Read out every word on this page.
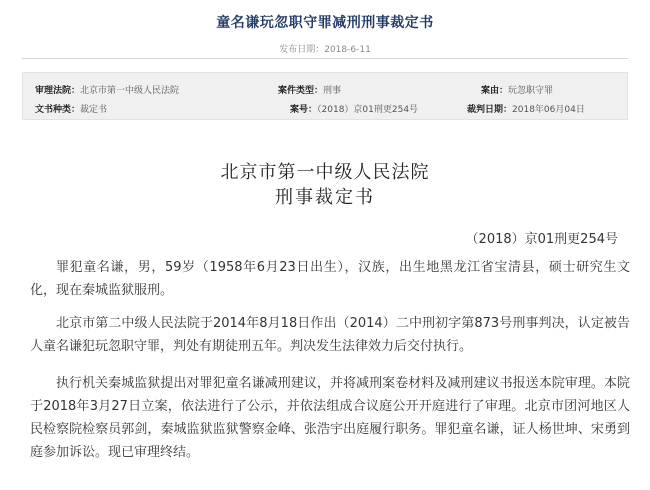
童名谦玩忽职守罪减刑刑事裁定书
发布日期：2018-6-11
审理法院：北京市第一中级人民法院	案件类型：刑事	案由：玩忽职守罪
文书种类：裁定书	案号：（2018）京01刑更254号	裁判日期：2018年06月04日
北京市第一中级人民法院
刑事裁定书
（2018）京01刑更254号
罪犯童名谦，男，59岁（1958年6月23日出生），汉族，出生地黑龙江省宝清县，硕士研究生文化，现在秦城监狱服刑。
北京市第二中级人民法院于2014年8月18日作出（2014）二中刑初字第873号刑事判决，认定被告人童名谦犯玩忽职守罪，判处有期徒刑五年。判决发生法律效力后交付执行。
执行机关秦城监狱提出对罪犯童名谦减刑建议，并将减刑案卷材料及减刑建议书报送本院审理。本院于2018年3月27日立案，依法进行了公示，并依法组成合议庭公开开庭进行了审理。北京市团河地区人民检察院检察员郭剑，秦城监狱监狱警察金峰、张浩宇出庭履行职务。罪犯童名谦，证人杨世坤、宋勇到庭参加诉讼。现已审理终结。
